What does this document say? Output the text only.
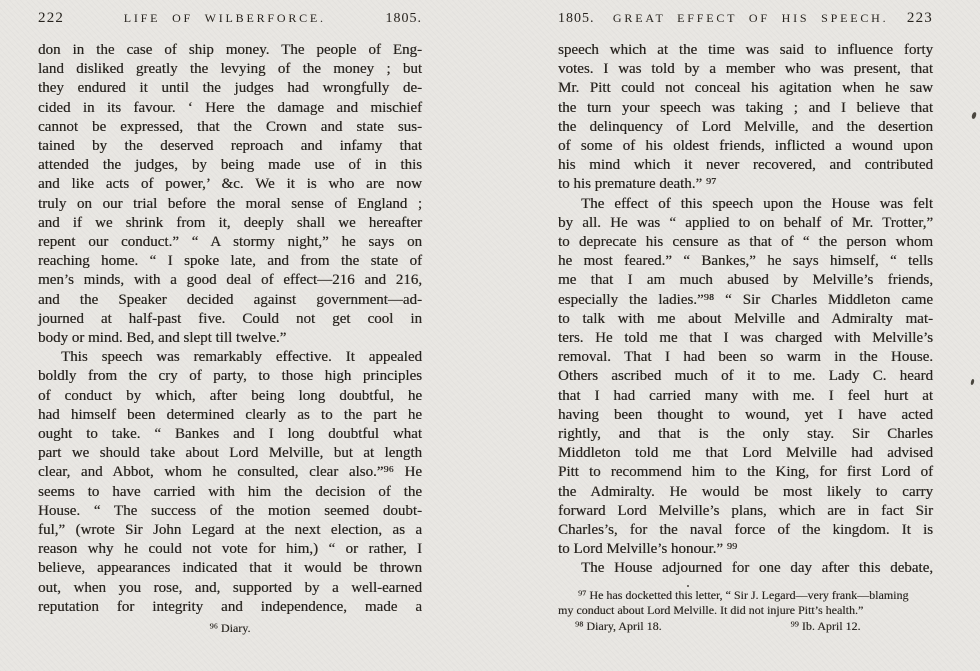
222	LIFE OF WILBERFORCE.	1805.
don in the case of ship money. The people of Eng-
land disliked greatly the levying of the money ; but
they endured it until the judges had wrongfully de-
cided in its favour. ‘ Here the damage and mischief
cannot be expressed, that the Crown and state sus-
tained by the deserved reproach and infamy that
attended the judges, by being made use of in this
and like acts of power,’ &c. We it is who are now
truly on our trial before the moral sense of England ;
and if we shrink from it, deeply shall we hereafter
repent our conduct.” “ A stormy night,” he says on
reaching home. “ I spoke late, and from the state of
men’s minds, with a good deal of effect—216 and 216,
and the Speaker decided against government—ad-
journed at half-past five. Could not get cool in
body or mind. Bed, and slept till twelve.”
This speech was remarkably effective. It appealed
boldly from the cry of party, to those high principles
of conduct by which, after being long doubtful, he
had himself been determined clearly as to the part he
ought to take. “ Bankes and I long doubtful what
part we should take about Lord Melville, but at length
clear, and Abbot, whom he consulted, clear also.”⁹⁶ He
seems to have carried with him the decision of the
House. “ The success of the motion seemed doubt-
ful,” (wrote Sir John Legard at the next election, as a
reason why he could not vote for him,) “ or rather, I
believe, appearances indicated that it would be thrown
out, when you rose, and, supported by a well-earned
reputation for integrity and independence, made a
⁹⁶ Diary.
1805. GREAT EFFECT OF HIS SPEECH. 223
speech which at the time was said to influence forty
votes. I was told by a member who was present, that
Mr. Pitt could not conceal his agitation when he saw
the turn your speech was taking ; and I believe that
the delinquency of Lord Melville, and the desertion
of some of his oldest friends, inflicted a wound upon
his mind which it never recovered, and contributed
to his premature death.” ⁹⁷
The effect of this speech upon the House was felt
by all. He was “ applied to on behalf of Mr. Trotter,”
to deprecate his censure as that of “ the person whom
he most feared.” “ Bankes,” he says himself, “ tells
me that I am much abused by Melville’s friends,
especially the ladies.”⁹⁸ “ Sir Charles Middleton came
to talk with me about Melville and Admiralty mat-
ters. He told me that I was charged with Melville’s
removal. That I had been so warm in the House.
Others ascribed much of it to me. Lady C. heard
that I had carried many with me. I feel hurt at
having been thought to wound, yet I have acted
rightly, and that is the only stay. Sir Charles
Middleton told me that Lord Melville had advised
Pitt to recommend him to the King, for first Lord of
the Admiralty. He would be most likely to carry
forward Lord Melville’s plans, which are in fact Sir
Charles’s, for the naval force of the kingdom. It is
to Lord Melville’s honour.” ⁹⁹
The House adjourned for one day after this debate,
⁹⁷ He has docketted this letter, “ Sir J. Legard—very frank—blaming
my conduct about Lord Melville. It did not injure Pitt’s health.”
⁹⁸ Diary, April 18.	⁹⁹ Ib. April 12.
